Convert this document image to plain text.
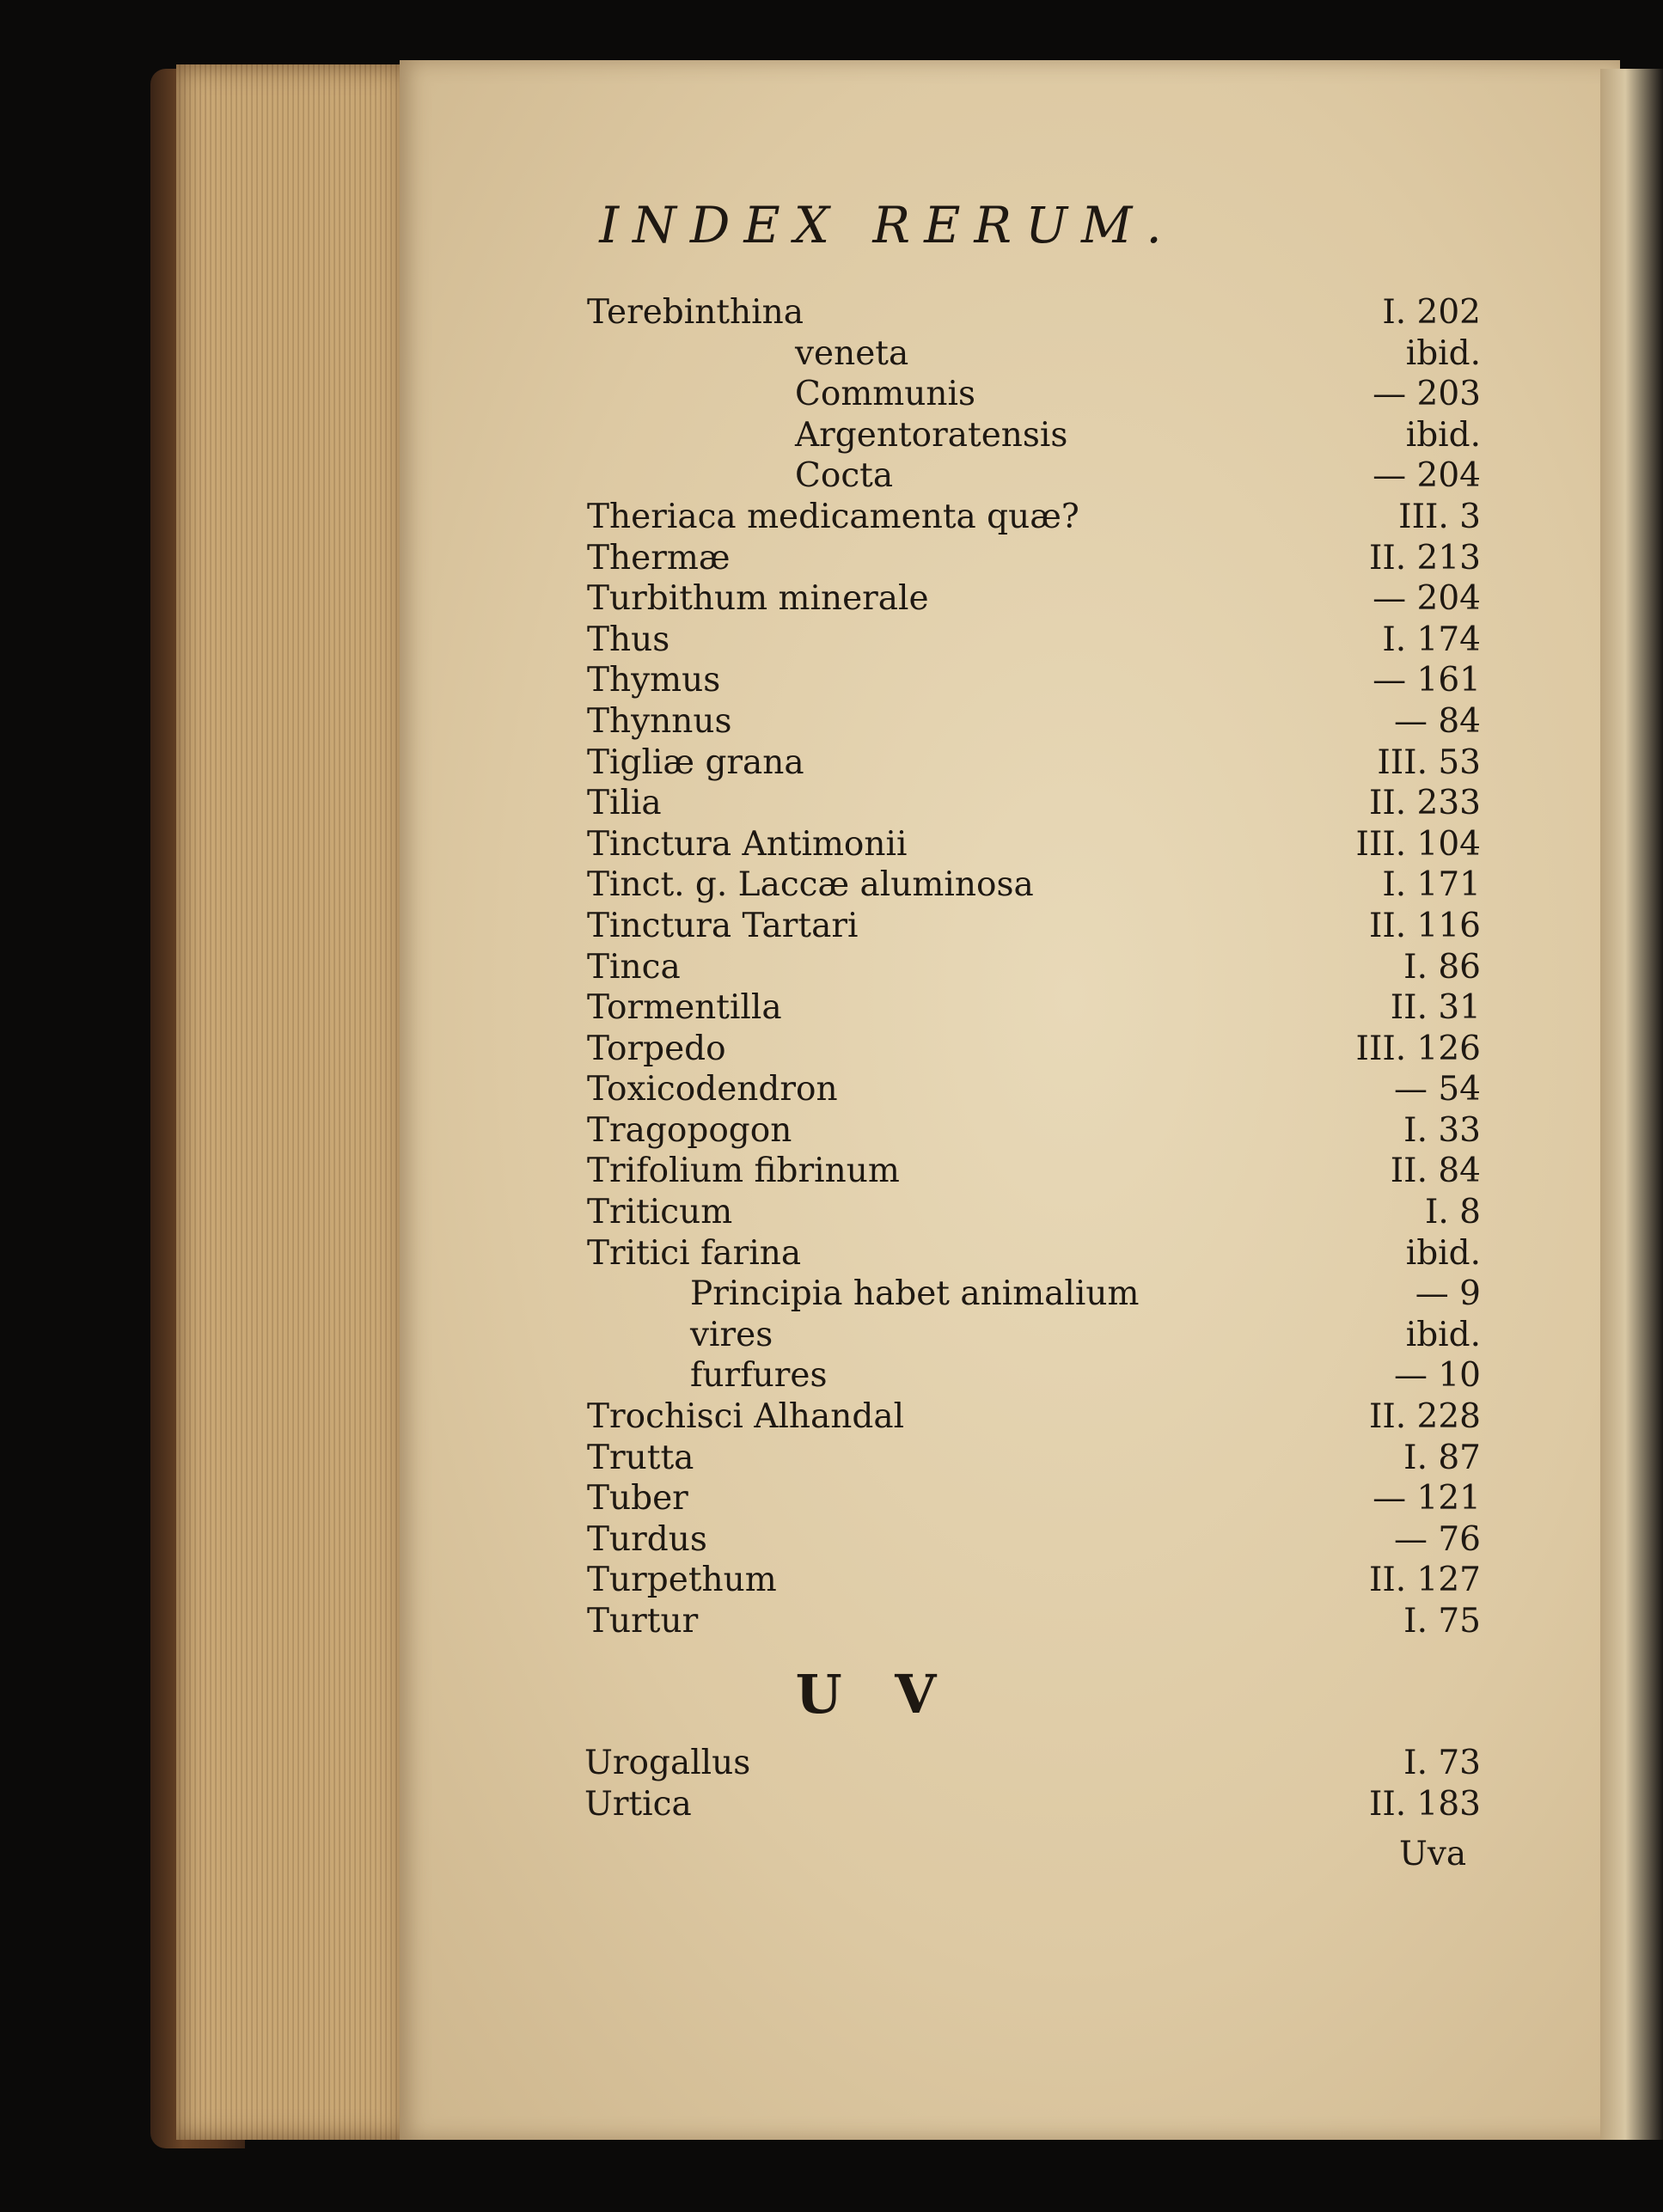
INDEX RERUM.
Terebinthina	I. 202
veneta	ibid.
Communis	— 203
Argentoratensis	ibid.
Cocta	— 204
Theriaca medicamenta quæ?	III. 3
Thermæ	II. 213
Turbithum minerale	— 204
Thus	I. 174
Thymus	— 161
Thynnus	— 84
Tigliæ grana	III. 53
Tilia	II. 233
Tinctura Antimonii	III. 104
Tinct. g. Laccæ aluminosa	I. 171
Tinctura Tartari	II. 116
Tinca	I. 86
Tormentilla	II. 31
Torpedo	III. 126
Toxicodendron	— 54
Tragopogon	I. 33
Trifolium fibrinum	II. 84
Triticum	I. 8
Tritici farina	ibid.
Principia habet animalium	— 9
vires	ibid.
furfures	— 10
Trochisci Alhandal	II. 228
Trutta	I. 87
Tuber	— 121
Turdus	— 76
Turpethum	II. 127
Turtur	I. 75
U V
Urogallus	I. 73
Urtica	II. 183
Uva
